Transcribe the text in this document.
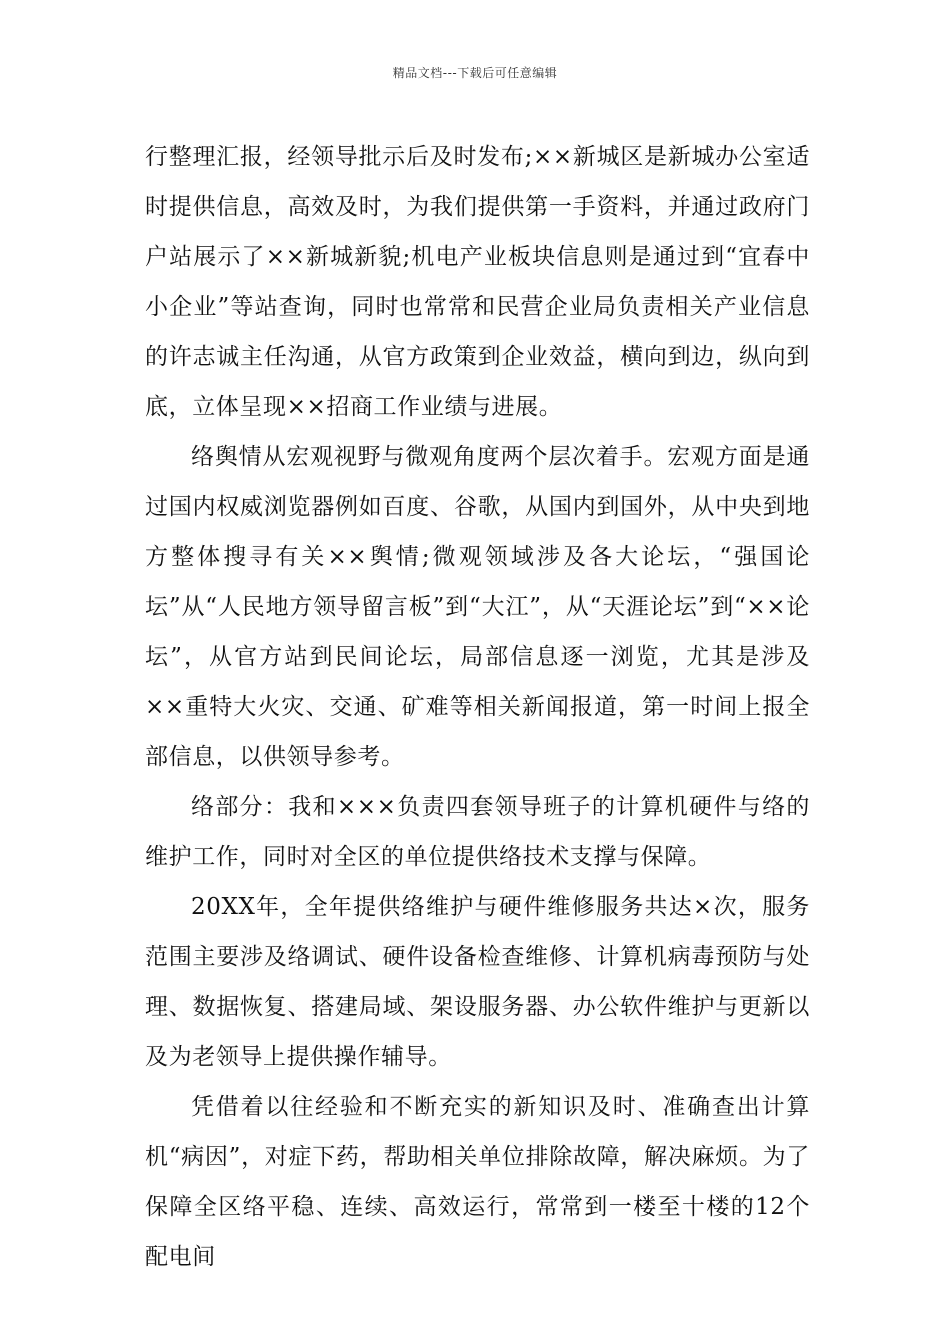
精品文档---下载后可任意编辑

行整理汇报，经领导批示后及时发布;××新城区是新城办公室适时提供信息，高效及时，为我们提供第一手资料，并通过政府门户站展示了××新城新貌;机电产业板块信息则是通过到“宜春中小企业”等站查询，同时也常常和民营企业局负责相关产业信息的许志诚主任沟通，从官方政策到企业效益，横向到边，纵向到底，立体呈现××招商工作业绩与进展。

络舆情从宏观视野与微观角度两个层次着手。宏观方面是通过国内权威浏览器例如百度、谷歌，从国内到国外，从中央到地方整体搜寻有关××舆情;微观领域涉及各大论坛，“强国论坛”从“人民地方领导留言板”到“大江”，从“天涯论坛”到“××论坛”，从官方站到民间论坛，局部信息逐一浏览，尤其是涉及××重特大火灾、交通、矿难等相关新闻报道，第一时间上报全部信息，以供领导参考。

络部分：我和×××负责四套领导班子的计算机硬件与络的维护工作，同时对全区的单位提供络技术支撑与保障。

20XX年，全年提供络维护与硬件维修服务共达×次，服务范围主要涉及络调试、硬件设备检查维修、计算机病毒预防与处理、数据恢复、搭建局域、架设服务器、办公软件维护与更新以及为老领导上提供操作辅导。

凭借着以往经验和不断充实的新知识及时、准确查出计算机“病因”，对症下药，帮助相关单位排除故障，解决麻烦。为了保障全区络平稳、连续、高效运行，常常到一楼至十楼的12个配电间
